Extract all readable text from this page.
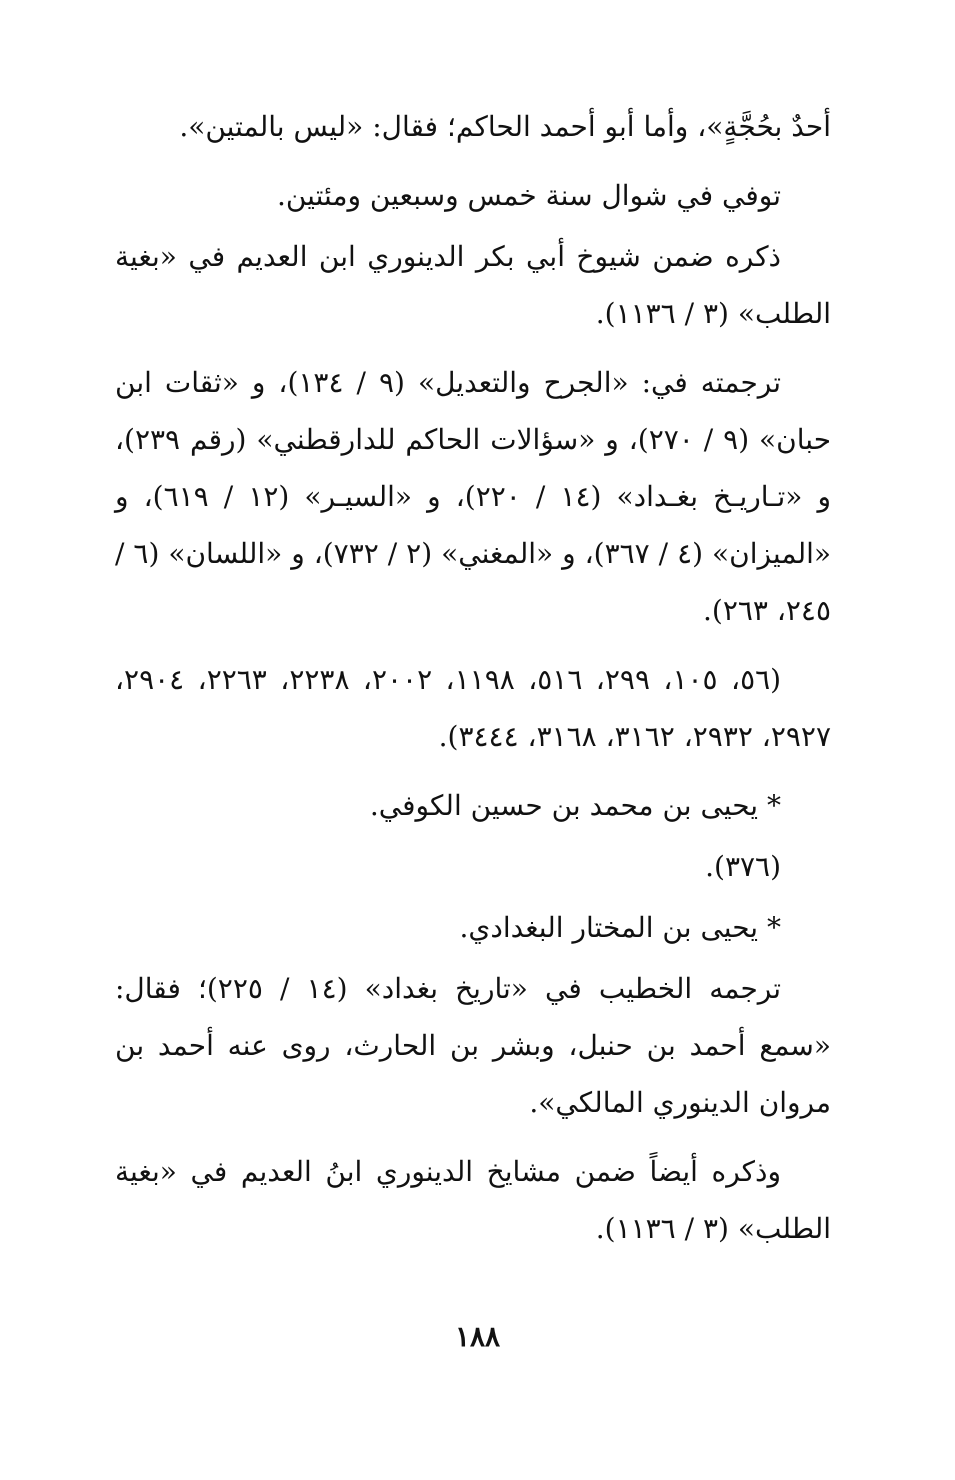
أحدٌ بحُجَّةٍ»، وأما أبو أحمد الحاكم؛ فقال: «ليس بالمتين».

توفي في شوال سنة خمس وسبعين ومئتين.

ذكره ضمن شيوخ أبي بكر الدينوري ابن العديم في «بغية الطلب» (٣ / ١١٣٦).

ترجمته في: «الجرح والتعديل» (٩ / ١٣٤)، و «ثقات ابن حبان» (٩ / ٢٧٠)، و «سؤالات الحاكم للدارقطني» (رقم ٢٣٩)، و «تـاريـخ بغـداد» (١٤ / ٢٢٠)، و «السيـر» (١٢ / ٦١٩)، و «الميزان» (٤ / ٣٦٧)، و «المغني» (٢ / ٧٣٢)، و «اللسان» (٦ / ٢٤٥، ٢٦٣).

(٥٦، ١٠٥، ٢٩٩، ٥١٦، ١١٩٨، ٢٠٠٢، ٢٢٣٨، ٢٢٦٣، ٢٩٠٤، ٢٩٢٧، ٢٩٣٢، ٣١٦٢، ٣١٦٨، ٣٤٤٤).

* يحيى بن محمد بن حسين الكوفي.

(٣٧٦).

* يحيى بن المختار البغدادي.

ترجمه الخطيب في «تاريخ بغداد» (١٤ / ٢٢٥)؛ فقال: «سمع أحمد بن حنبل، وبشر بن الحارث، روى عنه أحمد بن مروان الدينوري المالكي».

وذكره أيضاً ضمن مشايخ الدينوري ابنُ العديم في «بغية الطلب» (٣ / ١١٣٦).

١٨٨
